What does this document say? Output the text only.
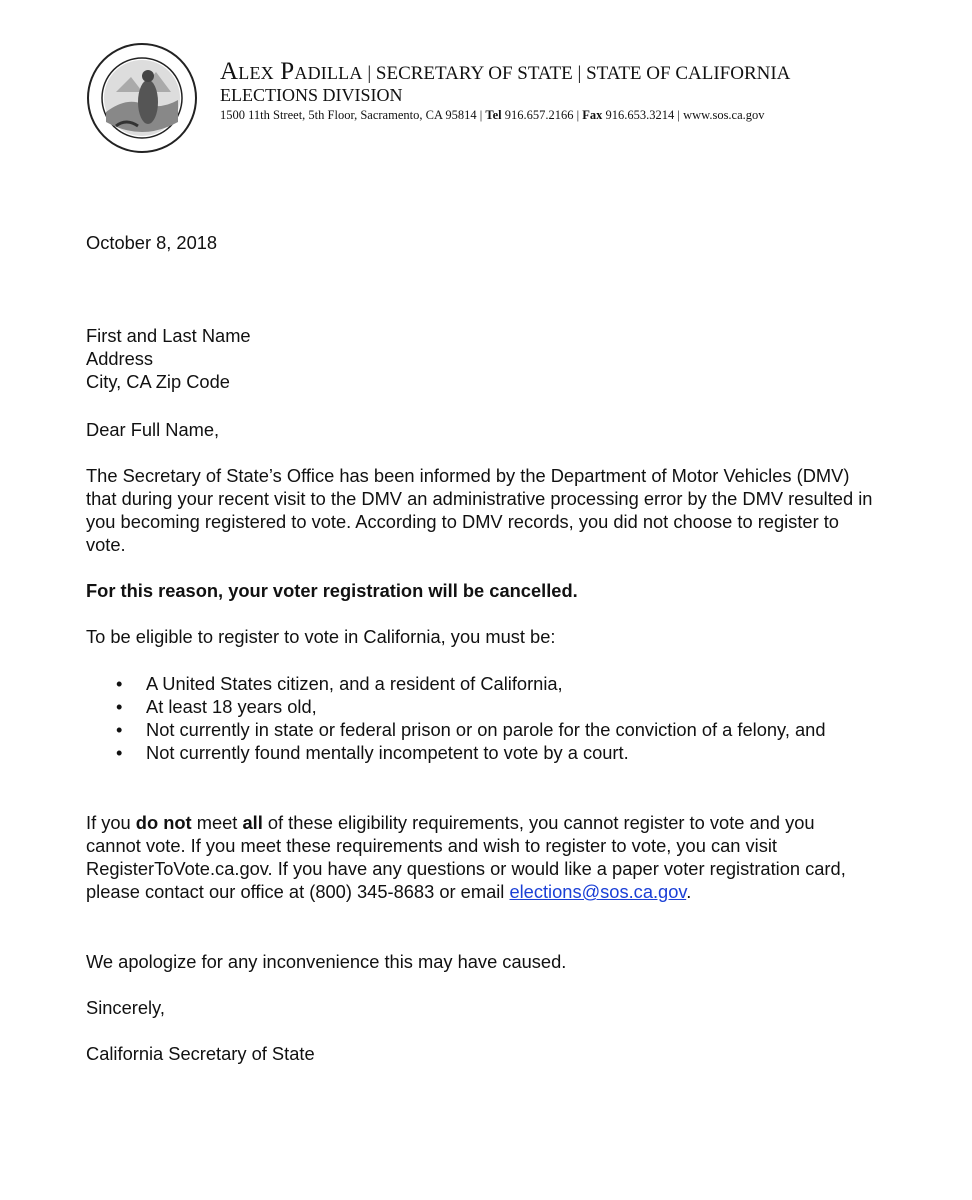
Alex Padilla | SECRETARY OF STATE | STATE OF CALIFORNIA
ELECTIONS DIVISION
1500 11th Street, 5th Floor, Sacramento, CA 95814 | Tel 916.657.2166 | Fax 916.653.3214 | www.sos.ca.gov
October 8, 2018

First and Last Name

Address

City, CA Zip Code

Dear Full Name,
The Secretary of State’s Office has been informed by the Department of Motor Vehicles (DMV) that during your recent visit to the DMV an administrative processing error by the DMV resulted in you becoming registered to vote. According to DMV records, you did not choose to register to vote.
For this reason, your voter registration will be cancelled.
To be eligible to register to vote in California, you must be:
• A United States citizen, and a resident of California,
• At least 18 years old,
• Not currently in state or federal prison or on parole for the conviction of a felony, and
• Not currently found mentally incompetent to vote by a court.
If you do not meet all of these eligibility requirements, you cannot register to vote and you cannot vote. If you meet these requirements and wish to register to vote, you can visit RegisterToVote.ca.gov. If you have any questions or would like a paper voter registration card, please contact our office at (800) 345-8683 or email elections@sos.ca.gov.
We apologize for any inconvenience this may have caused.
Sincerely,
California Secretary of State
